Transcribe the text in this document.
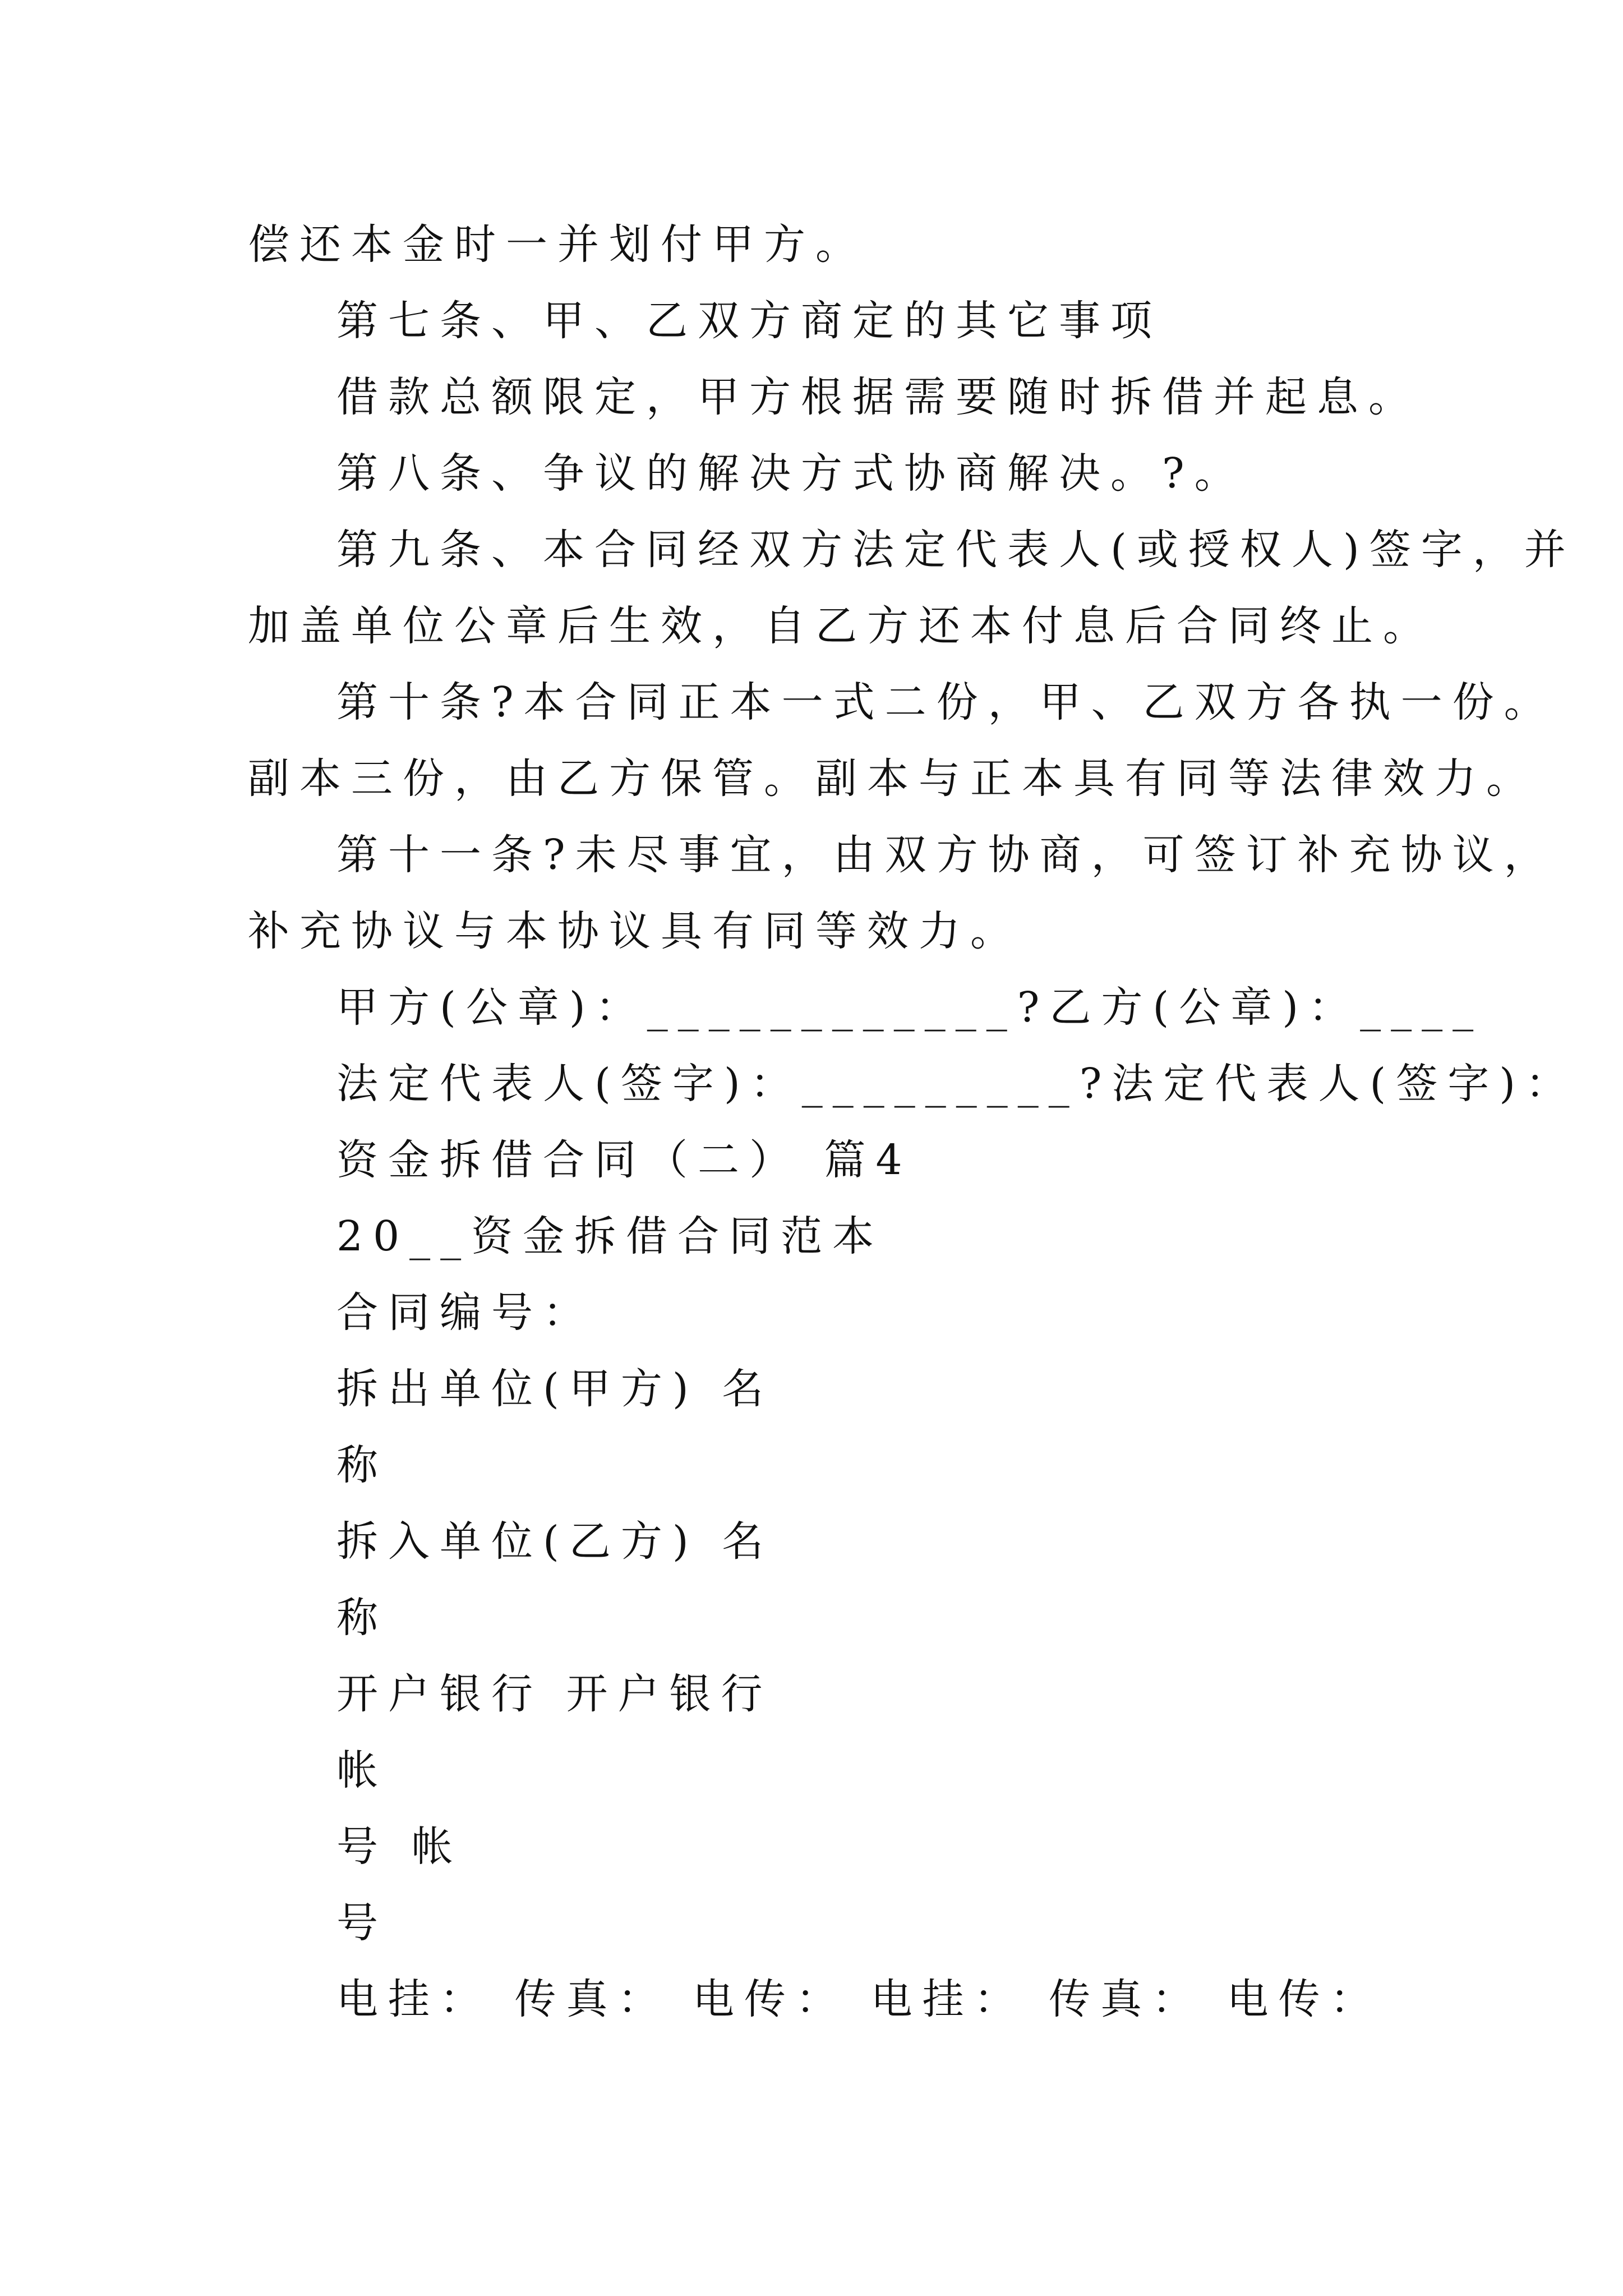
偿还本金时一并划付甲方。
第七条、甲、乙双方商定的其它事项
借款总额限定，甲方根据需要随时拆借并起息。
第八条、争议的解决方式协商解决。?。
第九条、本合同经双方法定代表人(或授权人)签字，并
加盖单位公章后生效，自乙方还本付息后合同终止。
第十条?本合同正本一式二份，甲、乙双方各执一份。
副本三份，由乙方保管。副本与正本具有同等法律效力。
第十一条?未尽事宜，由双方协商，可签订补充协议，
补充协议与本协议具有同等效力。
甲方(公章)：____________?乙方(公章)：____
法定代表人(签字)：_________?法定代表人(签字)：
资金拆借合同（二） 篇4
20__资金拆借合同范本
合同编号：
拆出单位(甲方) 名
称
拆入单位(乙方) 名
称
开户银行 开户银行
帐
号 帐
号
电挂： 传真： 电传： 电挂： 传真： 电传：
